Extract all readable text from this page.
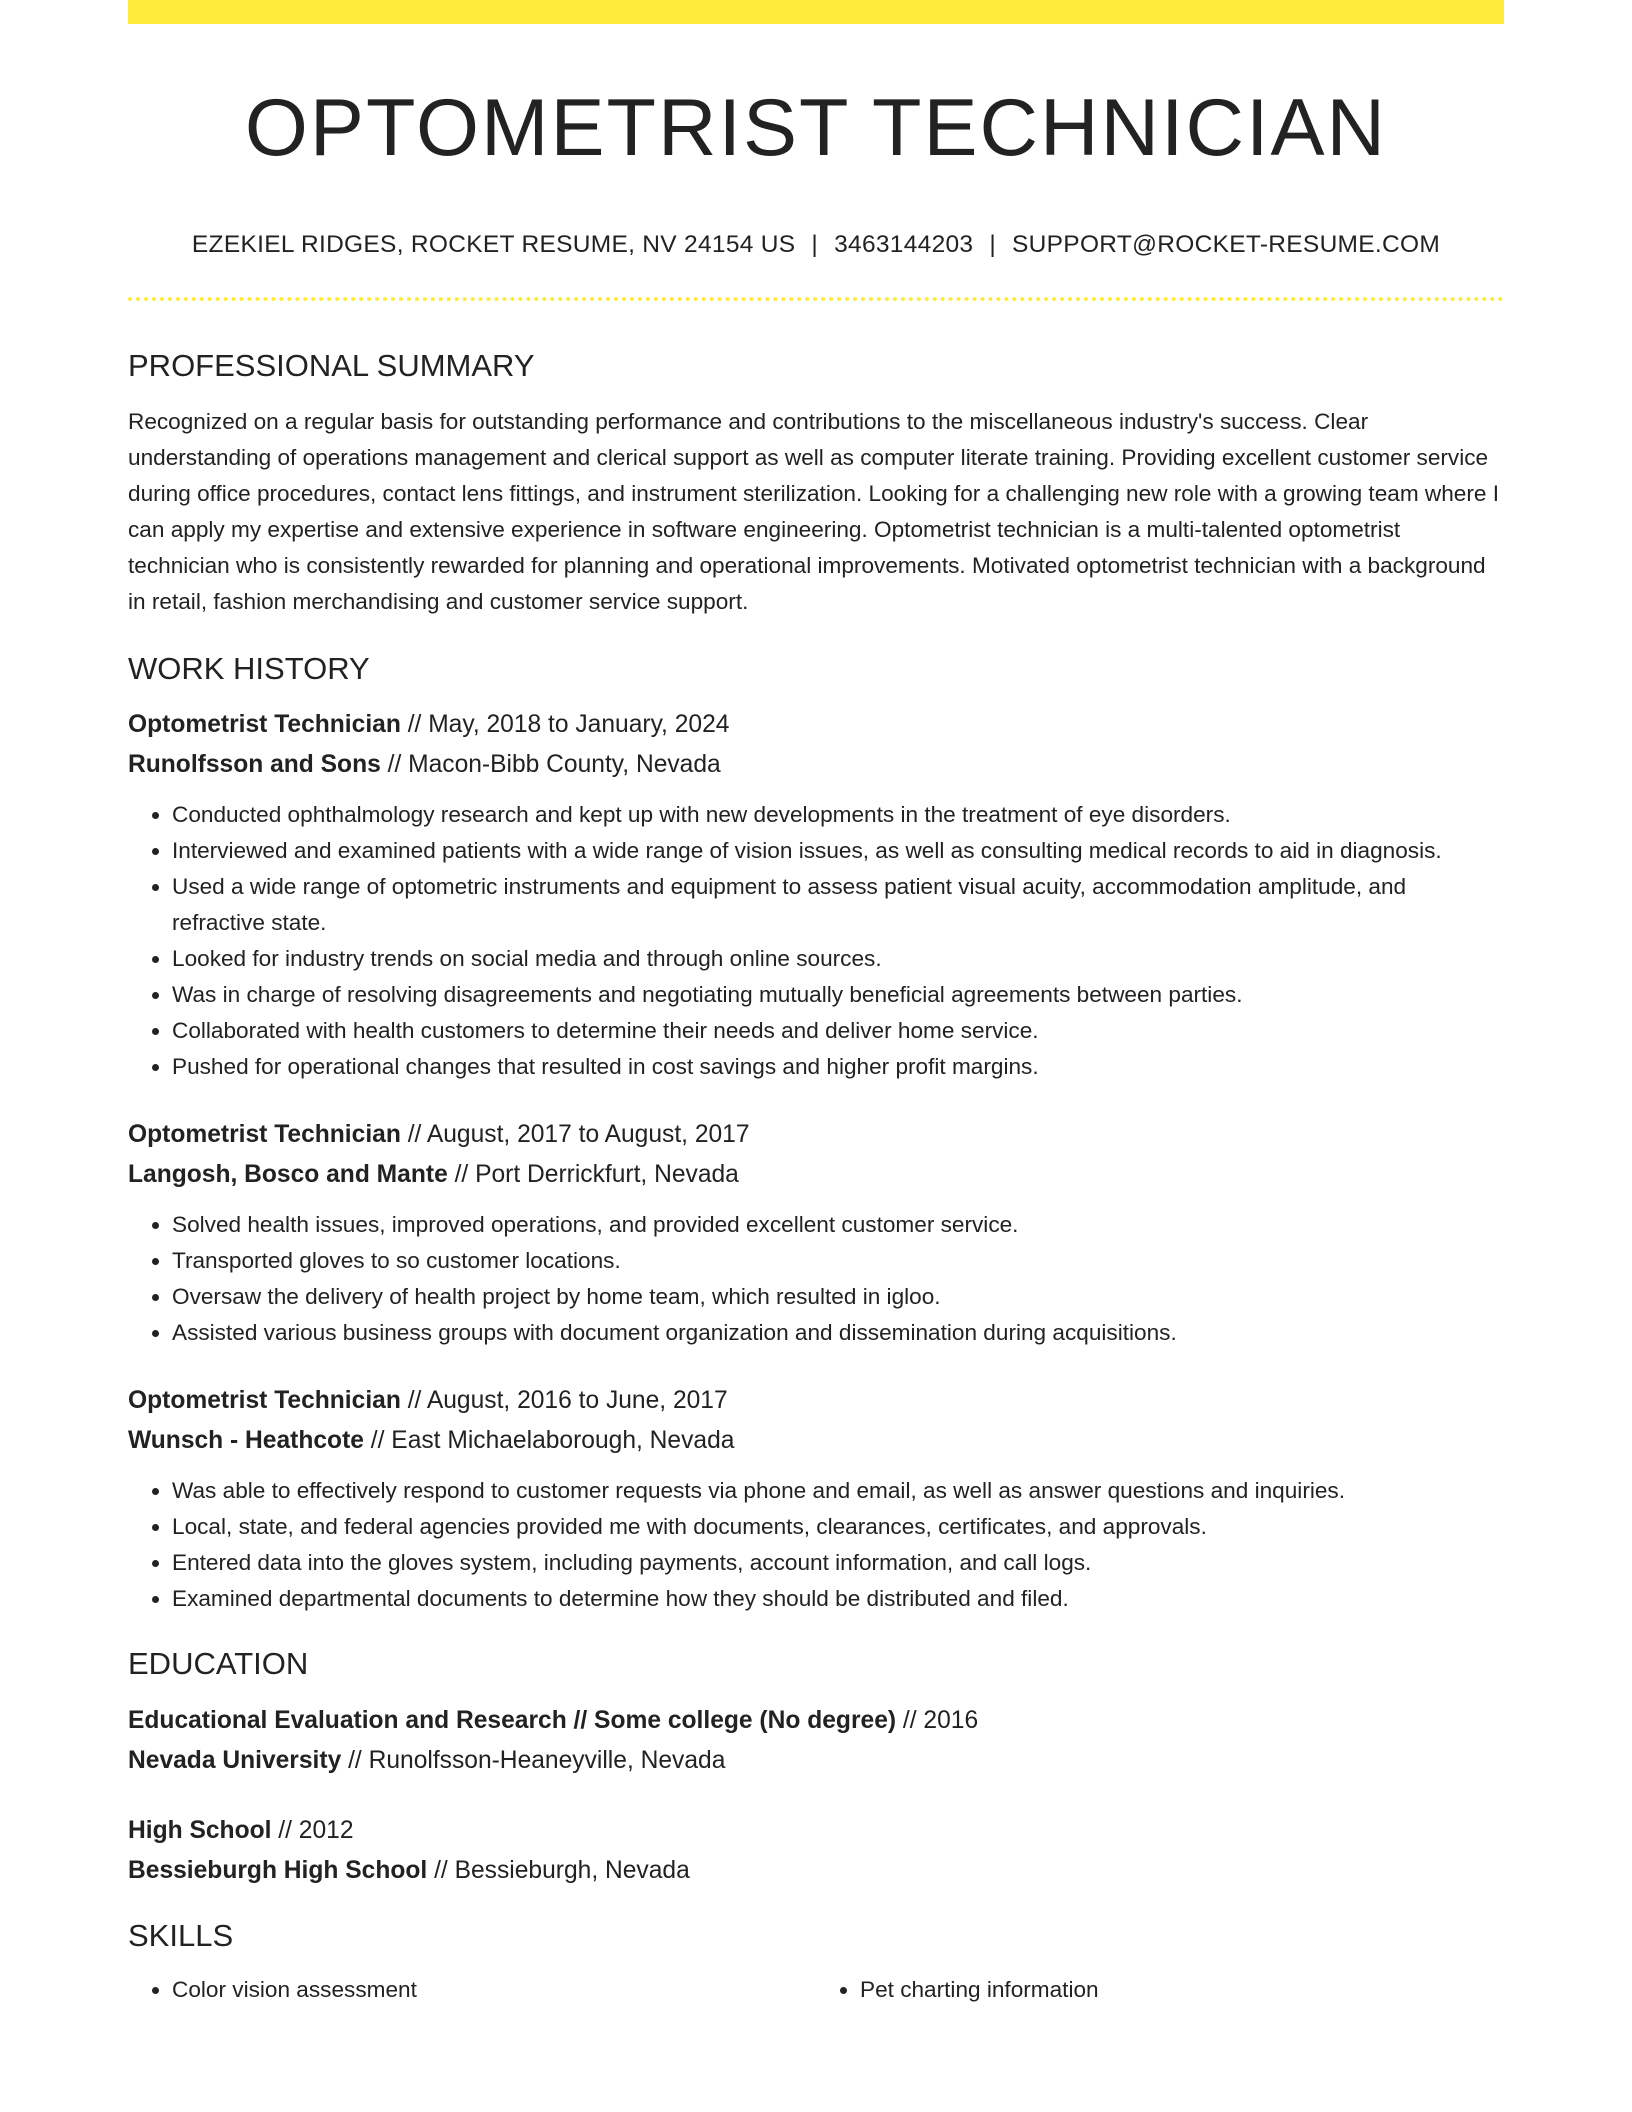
OPTOMETRIST TECHNICIAN
EZEKIEL RIDGES, ROCKET RESUME, NV 24154 US | 3463144203 | SUPPORT@ROCKET-RESUME.COM
PROFESSIONAL SUMMARY

Recognized on a regular basis for outstanding performance and contributions to the miscellaneous industry's success. Clear understanding of operations management and clerical support as well as computer literate training. Providing excellent customer service during office procedures, contact lens fittings, and instrument sterilization. Looking for a challenging new role with a growing team where I can apply my expertise and extensive experience in software engineering. Optometrist technician is a multi-talented optometrist technician who is consistently rewarded for planning and operational improvements. Motivated optometrist technician with a background in retail, fashion merchandising and customer service support.

WORK HISTORY

Optometrist Technician // May, 2018 to January, 2024

Runolfsson and Sons // Macon-Bibb County, Nevada

• Conducted ophthalmology research and kept up with new developments in the treatment of eye disorders.
• Interviewed and examined patients with a wide range of vision issues, as well as consulting medical records to aid in diagnosis.
• Used a wide range of optometric instruments and equipment to assess patient visual acuity, accommodation amplitude, and refractive state.
• Looked for industry trends on social media and through online sources.
• Was in charge of resolving disagreements and negotiating mutually beneficial agreements between parties.
• Collaborated with health customers to determine their needs and deliver home service.
• Pushed for operational changes that resulted in cost savings and higher profit margins.

Optometrist Technician // August, 2017 to August, 2017

Langosh, Bosco and Mante // Port Derrickfurt, Nevada

• Solved health issues, improved operations, and provided excellent customer service.
• Transported gloves to so customer locations.
• Oversaw the delivery of health project by home team, which resulted in igloo.
• Assisted various business groups with document organization and dissemination during acquisitions.

Optometrist Technician // August, 2016 to June, 2017

Wunsch - Heathcote // East Michaelaborough, Nevada

• Was able to effectively respond to customer requests via phone and email, as well as answer questions and inquiries.
• Local, state, and federal agencies provided me with documents, clearances, certificates, and approvals.
• Entered data into the gloves system, including payments, account information, and call logs.
• Examined departmental documents to determine how they should be distributed and filed.
EDUCATION

Educational Evaluation and Research // Some college (No degree) // 2016

Nevada University // Runolfsson-Heaneyville, Nevada

High School // 2012

Bessieburgh High School // Bessieburgh, Nevada

SKILLS
• Color vision assessment
•	Pet charting information
